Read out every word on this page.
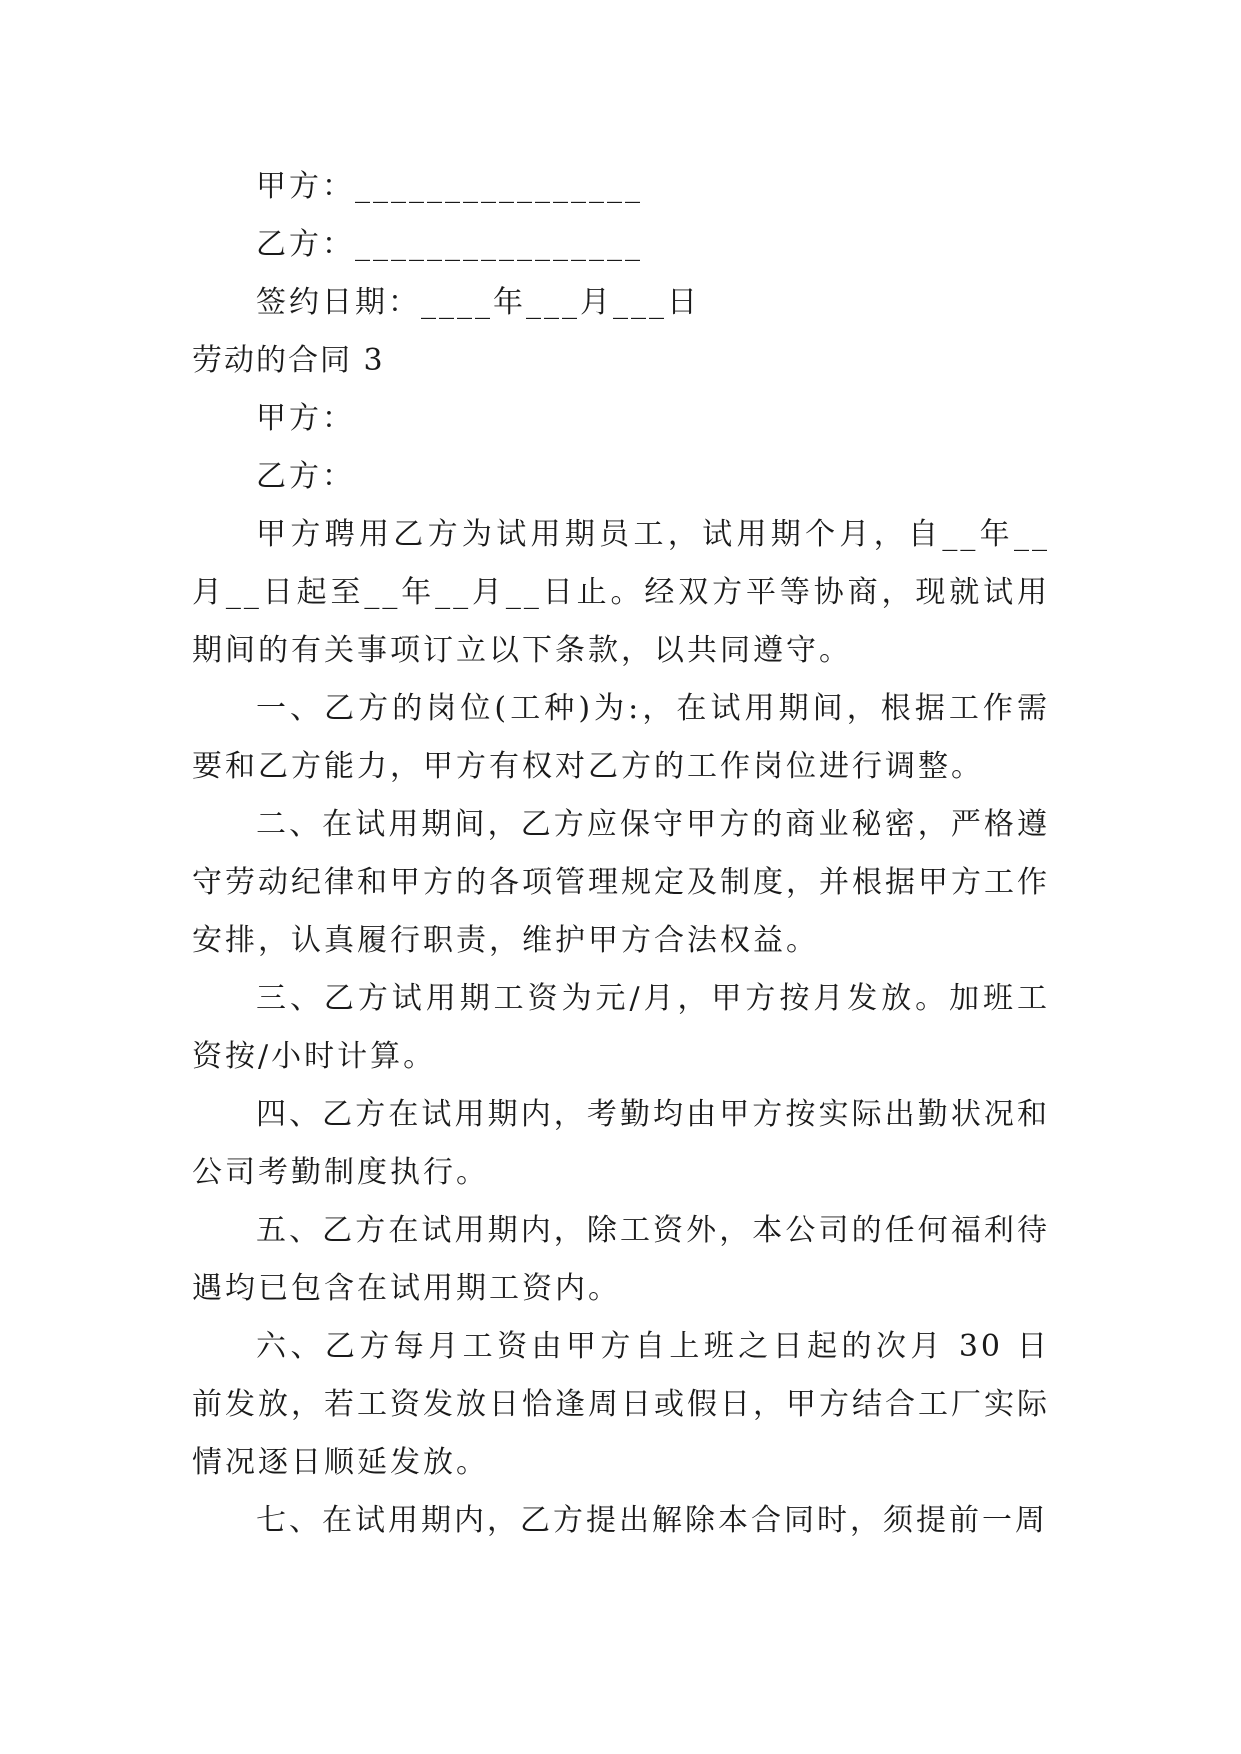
甲方：________________
乙方：________________
签约日期：____年___月___日
劳动的合同 3
甲方：
乙方：

甲方聘用乙方为试用期员工，试用期个月，自__年__月__日起至__年__月__日止。经双方平等协商，现就试用期间的有关事项订立以下条款，以共同遵守。

一、乙方的岗位(工种)为:，在试用期间，根据工作需要和乙方能力，甲方有权对乙方的工作岗位进行调整。

二、在试用期间，乙方应保守甲方的商业秘密，严格遵守劳动纪律和甲方的各项管理规定及制度，并根据甲方工作安排，认真履行职责，维护甲方合法权益。

三、乙方试用期工资为元/月，甲方按月发放。加班工资按/小时计算。

四、乙方在试用期内，考勤均由甲方按实际出勤状况和公司考勤制度执行。

五、乙方在试用期内，除工资外，本公司的任何福利待遇均已包含在试用期工资内。

六、乙方每月工资由甲方自上班之日起的次月 30 日前发放，若工资发放日恰逢周日或假日，甲方结合工厂实际情况逐日顺延发放。

七、在试用期内，乙方提出解除本合同时，须提前一周
